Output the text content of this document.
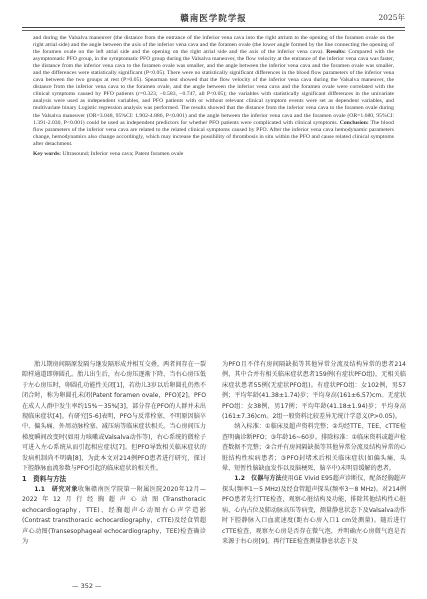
赣南医学院学报	2025年

and during the Valsalva maneuver (the distance from the entrance of the inferior vena cava into the right atrium to the opening of the foramen ovale on the right atrial side) and the angle between the axis of the inferior vena cava and the foramen ovale (the lower angle formed by the line connecting the opening of the foramen ovale on the left atrial side and the opening on the right atrial side and the axis of the inferior vena cava). Results: Compared with the asymptomatic PFO group, in the symptomatic PFO group during the Valsalva maneuver, the flow velocity at the entrance of the inferior vena cava was faster, the distance from the inferior vena cava to the foramen ovale was smaller, and the angle between the inferior vena cava and the foramen ovale was smaller, and the differences were statistically significant (P<0.05). There were no statistically significant differences in the blood flow parameters of the inferior vena cava between the two groups at rest (P>0.05). Spearman test showed that the flow velocity of the inferior vena cava during the Valsalva maneuver, the distance from the inferior vena cava to the foramen ovale, and the angle between the inferior vena cava and the foramen ovale were correlated with the clinical symptoms caused by PFO patients (r=0.323, −0.583, −0.747, all P<0.05); the variables with statistically significant differences in the univariate analysis were used as independent variables, and PFO patients with or without relevant clinical symptom events were set as dependent variables, and multivariate binary Logistic regression analysis was performed. The results showed that the distance from the inferior vena cava to the foramen ovale during the Valsalva maneuver (OR=3.048, 95%CI: 1.902-4.886, P<0.001) and the angle between the inferior vena cava and the foramen ovale (OR=1.680, 95%CI: 1.391-2.030, P<0.001) could be used as independent predictors for whether PFO patients were complicated with clinical symptoms. Conclusion: The blood flow parameters of the inferior vena cava are related to the related clinical symptoms caused by PFO. After the inferior vena cava hemodynamic parameters change, hemodynamics also change accordingly, which may increase the possibility of thrombosis in situ within the PFO and cause related clinical symptoms after detachment.

Key words: Ultrasound; Inferior vena cava; Patent foramen ovale

胎儿期房间隔原发隔与继发隔形成并相互交叠，两者间存在一裂隙样通道即卵圆孔。胎儿出生后，右心房压逐渐下降，当右心房压低于左心房压时，卵圆孔功能性关闭[1]，若幼儿3岁以后卵圆孔仍然不闭合时，称为卵圆孔未闭(Patent foramen ovale，PFO)[2]。PFO在成人人群中发生率约15%～35%[3]，部分存在PFO的人群并未出现临床症状[4]。有研究[5-6]表明，PFO与反常栓塞、不明原因脑卒中、偏头痛、外周动脉栓塞、减压病等临床症状相关。当心房间压力梯度瞬间改变时(如用力咳嗽或Valsalva动作等)，右心系统的微栓子可进入左心系统从而引起相应症状[7]。但PFO导致相关临床症状的发病机制尚不明确[8]，为此本文对214例PFO患者进行研究，探讨下腔静脉血流参数与PFO引起的临床症状的相关性。

1　资料与方法

1.1　研究对象收集赣南医学院第一附属医院2020年12月—2022年12月行经胸超声心动图(Transthoracic echocardiography，TTE)、经胸超声心动图右心声学造影(Contrast transthoracic echocardiography，cTTE)及经食管超声心动图(Transesophageal echocardiography，TEE)检查确诊为

为PFO且不伴有房间隔缺损等其他异常分流及结构异常的患者214例，其中合并有相关临床症状患者159例(有症状PFO组)，无相关临床症状患者55例(无症状PFO组)。有症状PFO组：女102例，男57例；平均年龄(41.38±1.74)岁；平均身高(161±6.57)cm。无症状PFO组：女38例，男17例；平均年龄(41.18±1.94)岁；平均身高(161±7.36)cm。2组一般资料比较差异无统计学意义(P>0.05)。

纳入标准：①临床及超声资料完整；②均经TTE、TEE、cTTE检查明确诊断PFO；③年龄16~60岁。排除标准：①临床资料或超声检查数据不完整；②合并有房间隔缺损等其他异常分流及结构异常的心脏结构性疾病患者；③PFO封堵术后相关临床症状(如偏头痛、头晕、短暂性脑缺血发作以及脑梗死、脑卒中)未明显缓解的患者。

1.2　仪器与方法使用GE Vivid E95超声诊断仪，配备经胸超声探头(频率1～5 MHz)及经食管超声探头(频率3～8 MHz)。对214例PFO患者先行TTE检查，观察心脏结构及功能，排除其他结构性心脏病、心内占位及肺动脉高压等病变，测量静息状态下及Valsalva动作时下腔静脉入口血流速度(距右心房入口1 cm处测量)。随后进行cTTE检查，观察左心房是否存在微气泡，并明确左心房微气泡是否来源于右心房[9]。再行TEE检查测量静息状态下及

— 352 —
